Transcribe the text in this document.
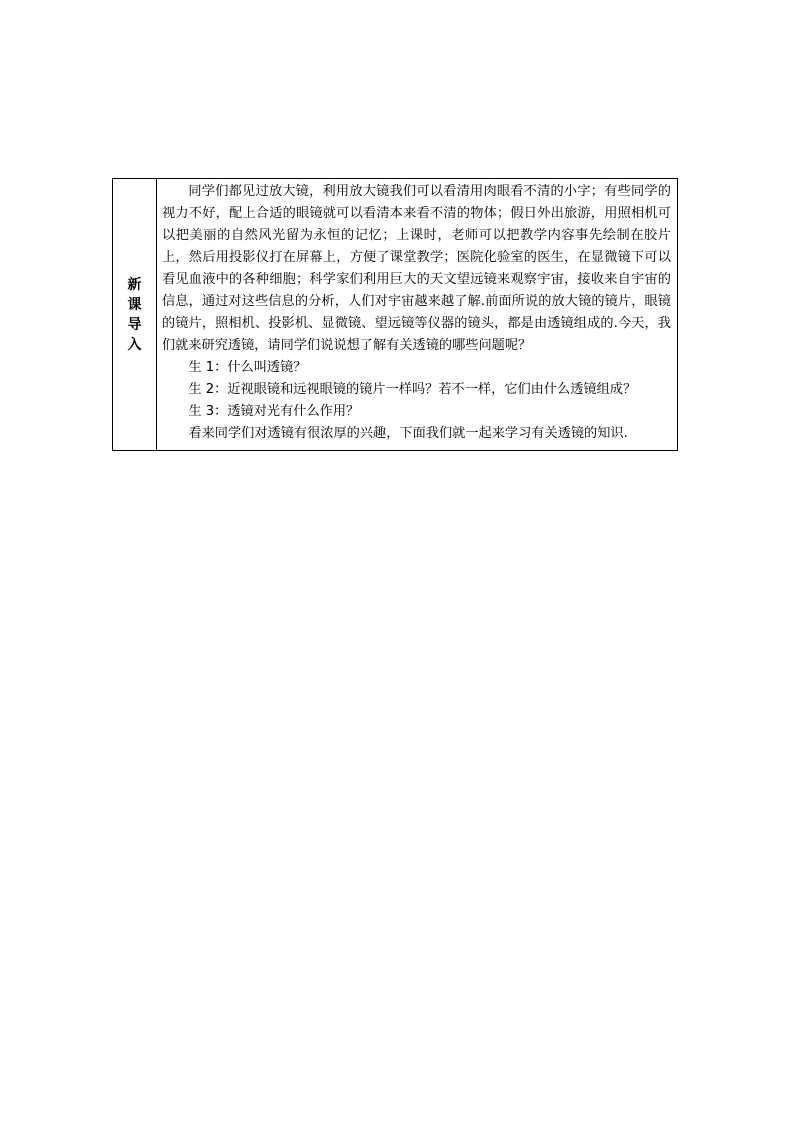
新
课
导
入

同学们都见过放大镜，利用放大镜我们可以看清用肉眼看不清的小字；有些同学的视力不好，配上合适的眼镜就可以看清本来看不清的物体；假日外出旅游，用照相机可以把美丽的自然风光留为永恒的记忆；上课时，老师可以把教学内容事先绘制在胶片上，然后用投影仪打在屏幕上，方便了课堂教学；医院化验室的医生，在显微镜下可以看见血液中的各种细胞；科学家们利用巨大的天文望远镜来观察宇宙，接收来自宇宙的信息，通过对这些信息的分析，人们对宇宙越来越了解.前面所说的放大镜的镜片，眼镜的镜片，照相机、投影机、显微镜、望远镜等仪器的镜头，都是由透镜组成的.今天，我们就来研究透镜，请同学们说说想了解有关透镜的哪些问题呢？

生 1：什么叫透镜？

生 2：近视眼镜和远视眼镜的镜片一样吗？若不一样，它们由什么透镜组成？

生 3：透镜对光有什么作用？

看来同学们对透镜有很浓厚的兴趣，下面我们就一起来学习有关透镜的知识.
